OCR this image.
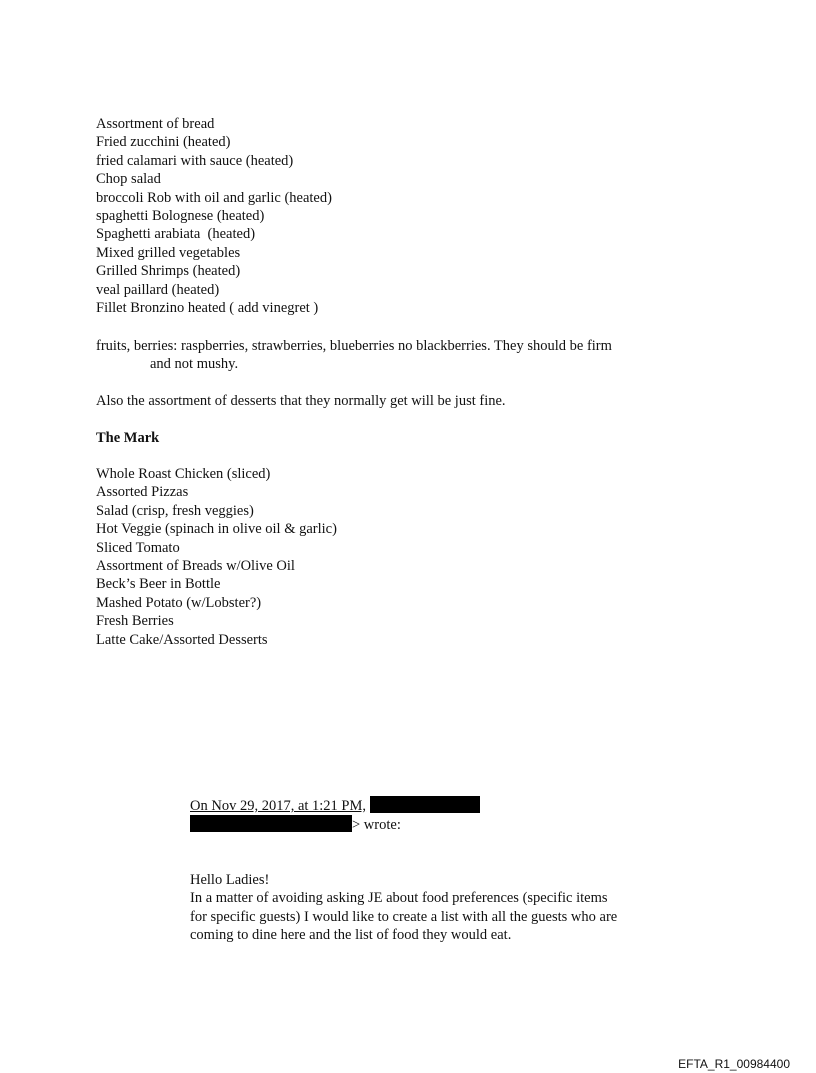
Assortment of bread
Fried zucchini (heated)
fried calamari with sauce (heated)
Chop salad
broccoli Rob with oil and garlic (heated)
spaghetti Bolognese (heated)
Spaghetti arabiata  (heated)
Mixed grilled vegetables
Grilled Shrimps (heated)
veal paillard (heated)
Fillet Bronzino heated ( add vinegret )
fruits, berries: raspberries, strawberries, blueberries no blackberries. They should be firm
and not mushy.
Also the assortment of desserts that they normally get will be just fine.
The Mark
Whole Roast Chicken (sliced)
Assorted Pizzas
Salad (crisp, fresh veggies)
Hot Veggie (spinach in olive oil & garlic)
Sliced Tomato
Assortment of Breads w/Olive Oil
Beck’s Beer in Bottle
Mashed Potato (w/Lobster?)
Fresh Berries
Latte Cake/Assorted Desserts
On Nov 29, 2017, at 1:21 PM,
> wrote:
Hello Ladies!
In a matter of avoiding asking JE about food preferences (specific items for specific guests) I would like to create a list with all the guests who are coming to dine here and the list of food they would eat.
EFTA_R1_00984400
